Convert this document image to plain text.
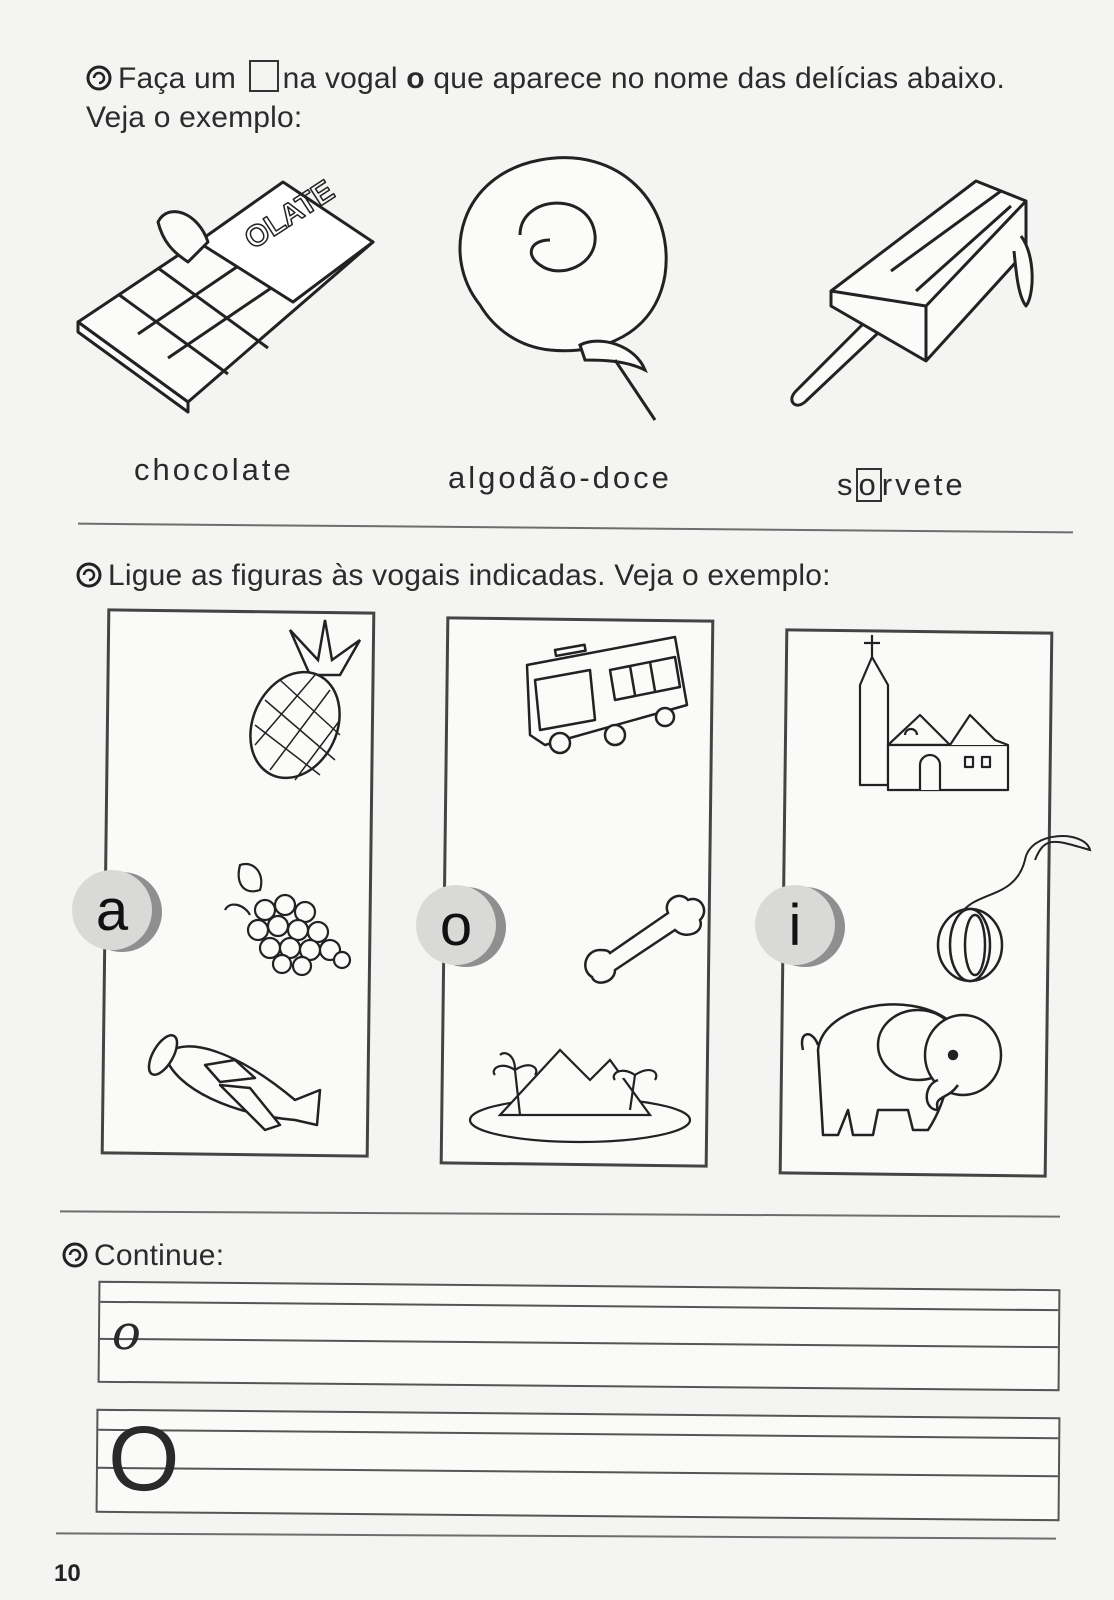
Faça um na vogal o que aparece no nome das delícias abaixo.
Veja o exemplo:
OLATE
chocolate	algodão-doce	sorvete
Ligue as figuras às vogais indicadas. Veja o exemplo:
a	o	i
Continue:
o
O
10
